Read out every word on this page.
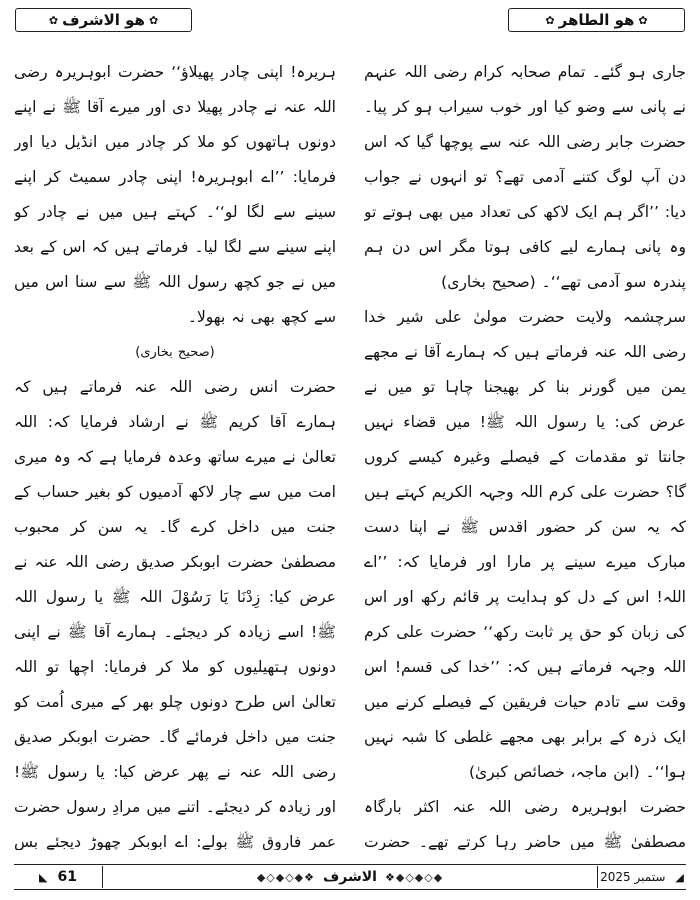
✿
هو الاشرف
✿	✿
هو الطاهر
✿

جاری ہو گئے۔ تمام صحابہ کرام رضی اللہ عنہم نے پانی سے وضو کیا اور خوب سیراب ہو کر پیا۔ حضرت جابر رضی اللہ عنہ سے پوچھا گیا کہ اس دن آپ لوگ کتنے آدمی تھے؟ تو انہوں نے جواب دیا: ’’اگر ہم ایک لاکھ کی تعداد میں بھی ہوتے تو وہ پانی ہمارے لیے کافی ہوتا مگر اس دن ہم پندرہ سو آدمی تھے‘‘۔ (صحیح بخاری)

سرچشمہ ولایت حضرت مولیٰ علی شیر خدا رضی اللہ عنہ فرماتے ہیں کہ ہمارے آقا نے مجھے یمن میں گورنر بنا کر بھیجنا چاہا تو میں نے عرض کی: یا رسول اللہ ﷺ! میں قضاء نہیں جانتا تو مقدمات کے فیصلے وغیرہ کیسے کروں گا؟ حضرت علی کرم اللہ وجہہ الکریم کہتے ہیں کہ یہ سن کر حضور اقدس ﷺ نے اپنا دست مبارک میرے سینے پر مارا اور فرمایا کہ: ’’اے اللہ! اس کے دل کو ہدایت پر قائم رکھ اور اس کی زبان کو حق پر ثابت رکھ‘‘ حضرت علی کرم اللہ وجہہ فرماتے ہیں کہ: ’’خدا کی قسم! اس وقت سے تادم حیات فریقین کے فیصلے کرنے میں ایک ذرہ کے برابر بھی مجھے غلطی کا شبہ نہیں ہوا‘‘۔ (ابن ماجہ، خصائص کبریٰ)

حضرت ابوہریرہ رضی اللہ عنہ اکثر بارگاہ مصطفیٰ ﷺ میں حاضر رہا کرتے تھے۔ حضرت

ہریرہ! اپنی چادر پھیلاؤ‘‘ حضرت ابوہریرہ رضی اللہ عنہ نے چادر پھیلا دی اور میرے آقا ﷺ نے اپنے دونوں ہاتھوں کو ملا کر چادر میں انڈیل دیا اور فرمایا: ’’اے ابوہریرہ! اپنی چادر سمیٹ کر اپنے سینے سے لگا لو‘‘۔ کہتے ہیں میں نے چادر کو اپنے سینے سے لگا لیا۔ فرماتے ہیں کہ اس کے بعد میں نے جو کچھ رسول اللہ ﷺ سے سنا اس میں سے کچھ بھی نہ بھولا۔

(صحیح بخاری)

حضرت انس رضی اللہ عنہ فرماتے ہیں کہ ہمارے آقا کریم ﷺ نے ارشاد فرمایا کہ: اللہ تعالیٰ نے میرے ساتھ وعدہ فرمایا ہے کہ وہ میری امت میں سے چار لاکھ آدمیوں کو بغیر حساب کے جنت میں داخل کرے گا۔ یہ سن کر محبوب مصطفیٰ حضرت ابوبکر صدیق رضی اللہ عنہ نے عرض کیا: زِدْنَا یَا رَسُوْلَ اللہ ﷺ یا رسول اللہ ﷺ! اسے زیادہ کر دیجئے۔ ہمارے آقا ﷺ نے اپنی دونوں ہتھیلیوں کو ملا کر فرمایا: اچھا تو اللہ تعالیٰ اس طرح دونوں چلو بھر کے میری اُمت کو جنت میں داخل فرمائے گا۔ حضرت ابوبکر صدیق رضی اللہ عنہ نے پھر عرض کیا: یا رسول ﷺ! اور زیادہ کر دیجئے۔ اتنے میں مرادِ رسول حضرت عمر فاروق ﷺ بولے: اے ابوبکر چھوڑ دیجئے بس

◣ 61	◆◇◆◇◆ ❖ الاشرف ❖ ◆◇◆◇◆	◢
ستمبر 2025
